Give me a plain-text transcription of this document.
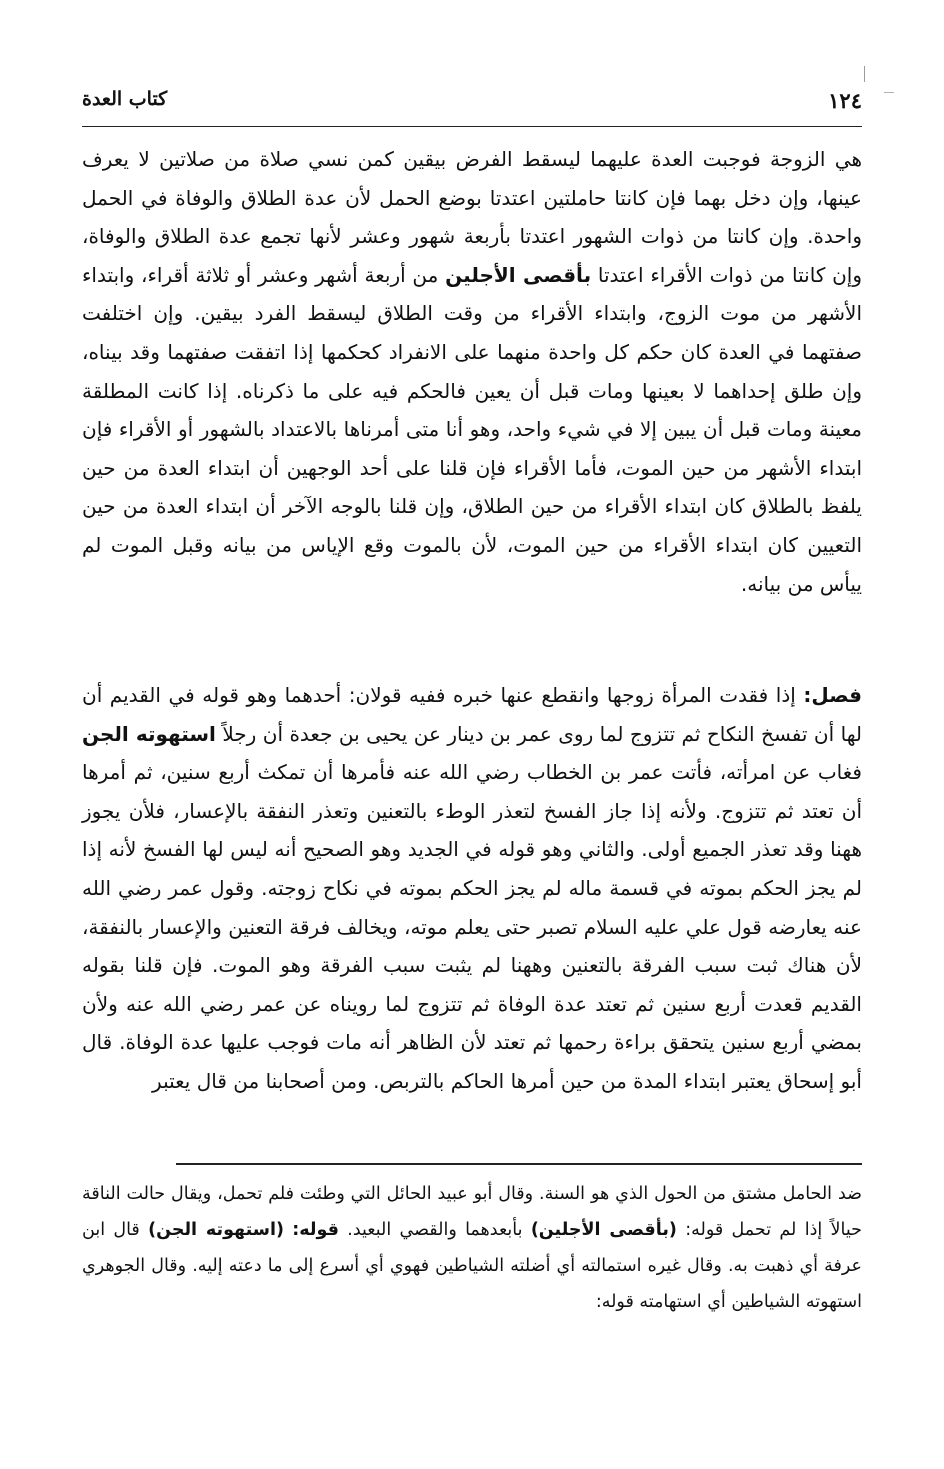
١٢٤
كتاب العدة
هي الزوجة فوجبت العدة عليهما ليسقط الفرض بيقين كمن نسي صلاة من صلاتين لا يعرف عينها، وإن دخل بهما فإن كانتا حاملتين اعتدتا بوضع الحمل لأن عدة الطلاق والوفاة في الحمل واحدة. وإن كانتا من ذوات الشهور اعتدتا بأربعة شهور وعشر لأنها تجمع عدة الطلاق والوفاة، وإن كانتا من ذوات الأقراء اعتدتا بأقصى الأجلين من أربعة أشهر وعشر أو ثلاثة أقراء، وابتداء الأشهر من موت الزوج، وابتداء الأقراء من وقت الطلاق ليسقط الفرد بيقين. وإن اختلفت صفتهما في العدة كان حكم كل واحدة منهما على الانفراد كحكمها إذا اتفقت صفتهما وقد بيناه، وإن طلق إحداهما لا بعينها ومات قبل أن يعين فالحكم فيه على ما ذكرناه. إذا كانت المطلقة معينة ومات قبل أن يبين إلا في شيء واحد، وهو أنا متى أمرناها بالاعتداد بالشهور أو الأقراء فإن ابتداء الأشهر من حين الموت، فأما الأقراء فإن قلنا على أحد الوجهين أن ابتداء العدة من حين يلفظ بالطلاق كان ابتداء الأقراء من حين الطلاق، وإن قلنا بالوجه الآخر أن ابتداء العدة من حين التعيين كان ابتداء الأقراء من حين الموت، لأن بالموت وقع الإياس من بيانه وقبل الموت لم ييأس من بيانه.
فصل: إذا فقدت المرأة زوجها وانقطع عنها خبره ففيه قولان: أحدهما وهو قوله في القديم أن لها أن تفسخ النكاح ثم تتزوج لما روى عمر بن دينار عن يحيى بن جعدة أن رجلاً استهوته الجن فغاب عن امرأته، فأتت عمر بن الخطاب رضي الله عنه فأمرها أن تمكث أربع سنين، ثم أمرها أن تعتد ثم تتزوج. ولأنه إذا جاز الفسخ لتعذر الوطء بالتعنين وتعذر النفقة بالإعسار، فلأن يجوز ههنا وقد تعذر الجميع أولى. والثاني وهو قوله في الجديد وهو الصحيح أنه ليس لها الفسخ لأنه إذا لم يجز الحكم بموته في قسمة ماله لم يجز الحكم بموته في نكاح زوجته. وقول عمر رضي الله عنه يعارضه قول علي عليه السلام تصبر حتى يعلم موته، ويخالف فرقة التعنين والإعسار بالنفقة، لأن هناك ثبت سبب الفرقة بالتعنين وههنا لم يثبت سبب الفرقة وهو الموت. فإن قلنا بقوله القديم قعدت أربع سنين ثم تعتد عدة الوفاة ثم تتزوج لما رويناه عن عمر رضي الله عنه ولأن بمضي أربع سنين يتحقق براءة رحمها ثم تعتد لأن الظاهر أنه مات فوجب عليها عدة الوفاة. قال أبو إسحاق يعتبر ابتداء المدة من حين أمرها الحاكم بالتربص. ومن أصحابنا من قال يعتبر
ضد الحامل مشتق من الحول الذي هو السنة. وقال أبو عبيد الحائل التي وطئت فلم تحمل، ويقال حالت الناقة حيالاً إذا لم تحمل قوله: (بأقصى الأجلين) بأبعدهما والقصي البعيد. قوله: (استهوته الجن) قال ابن عرفة أي ذهبت به. وقال غيره استمالته أي أضلته الشياطين فهوي أي أسرع إلى ما دعته إليه. وقال الجوهري استهوته الشياطين أي استهامته قوله:
